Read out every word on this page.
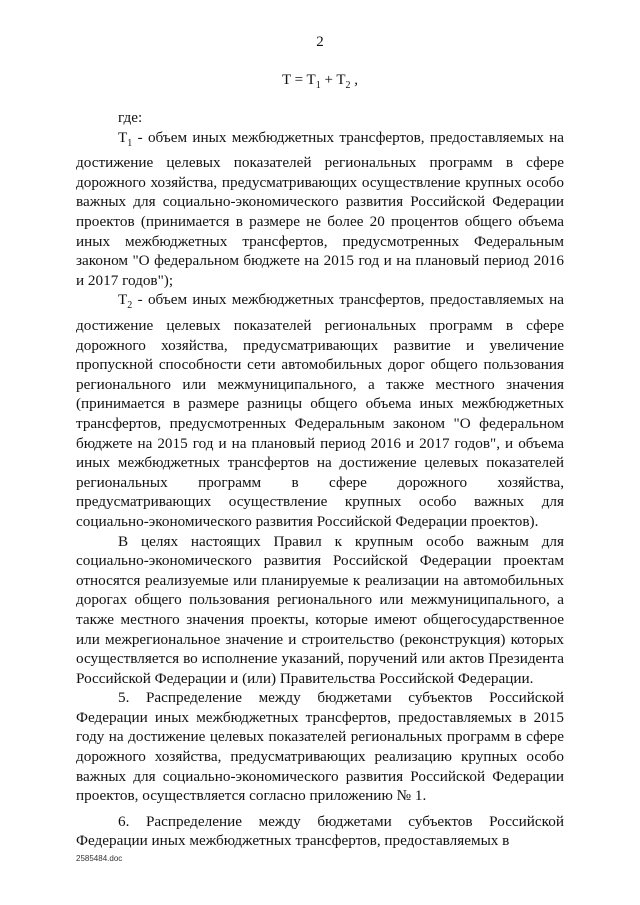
2
$T = T_1 + T_2$ ,

где:

$T_1$ - объем иных межбюджетных трансфертов, предоставляемых на достижение целевых показателей региональных программ в сфере дорожного хозяйства, предусматривающих осуществление крупных особо важных для социально-экономического развития Российской Федерации проектов (принимается в размере не более 20 процентов общего объема иных межбюджетных трансфертов, предусмотренных Федеральным законом "О федеральном бюджете на 2015 год и на плановый период 2016 и 2017 годов");

$T_2$ - объем иных межбюджетных трансфертов, предоставляемых на достижение целевых показателей региональных программ в сфере дорожного хозяйства, предусматривающих развитие и увеличение пропускной способности сети автомобильных дорог общего пользования регионального или межмуниципального, а также местного значения (принимается в размере разницы общего объема иных межбюджетных трансфертов, предусмотренных Федеральным законом "О федеральном бюджете на 2015 год и на плановый период 2016 и 2017 годов", и объема иных межбюджетных трансфертов на достижение целевых показателей региональных программ в сфере дорожного хозяйства, предусматривающих осуществление крупных особо важных для социально-экономического развития Российской Федерации проектов).

В целях настоящих Правил к крупным особо важным для социально-экономического развития Российской Федерации проектам относятся реализуемые или планируемые к реализации на автомобильных дорогах общего пользования регионального или межмуниципального, а также местного значения проекты, которые имеют общегосударственное или межрегиональное значение и строительство (реконструкция) которых осуществляется во исполнение указаний, поручений или актов Президента Российской Федерации и (или) Правительства Российской Федерации.

5. Распределение между бюджетами субъектов Российской Федерации иных межбюджетных трансфертов, предоставляемых в 2015 году на достижение целевых показателей региональных программ в сфере дорожного хозяйства, предусматривающих реализацию крупных особо важных для социально-экономического развития Российской Федерации проектов, осуществляется согласно приложению № 1.

6. Распределение между бюджетами субъектов Российской Федерации иных межбюджетных трансфертов, предоставляемых в

2585484.doc
